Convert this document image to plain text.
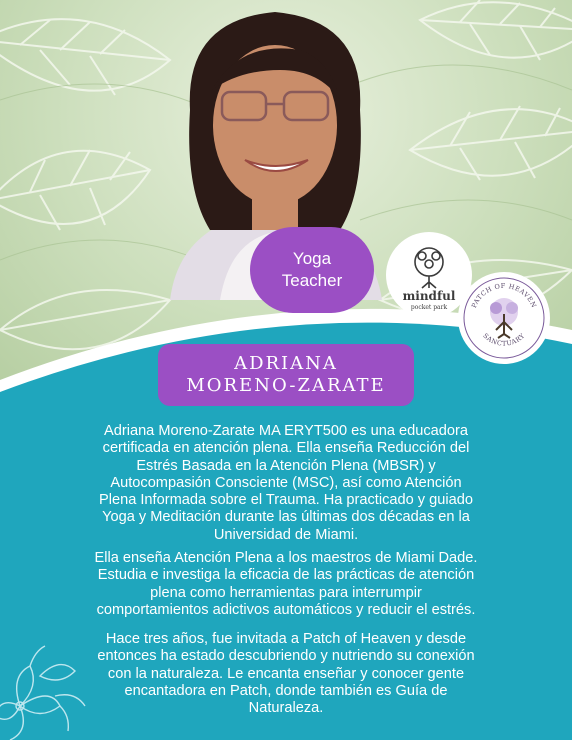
Yoga
Teacher
mindful
pocket park	PATCH OF HEAVEN
SANCTUARY
ADRIANA
MORENO-ZARATE
Adriana Moreno-Zarate MA ERYT500 es una educadora
certificada en atención plena. Ella enseña Reducción del
Estrés Basada en la Atención Plena (MBSR) y
Autocompasión Consciente (MSC), así como Atención
Plena Informada sobre el Trauma. Ha practicado y guiado
Yoga y Meditación durante las últimas dos décadas en la
Universidad de Miami.
Ella enseña Atención Plena a los maestros de Miami Dade.
Estudia e investiga la eficacia de las prácticas de atención
plena como herramientas para interrumpir
comportamientos adictivos automáticos y reducir el estrés.
Hace tres años, fue invitada a Patch of Heaven y desde
entonces ha estado descubriendo y nutriendo su conexión
con la naturaleza. Le encanta enseñar y conocer gente
encantadora en Patch, donde también es Guía de
Naturaleza.
